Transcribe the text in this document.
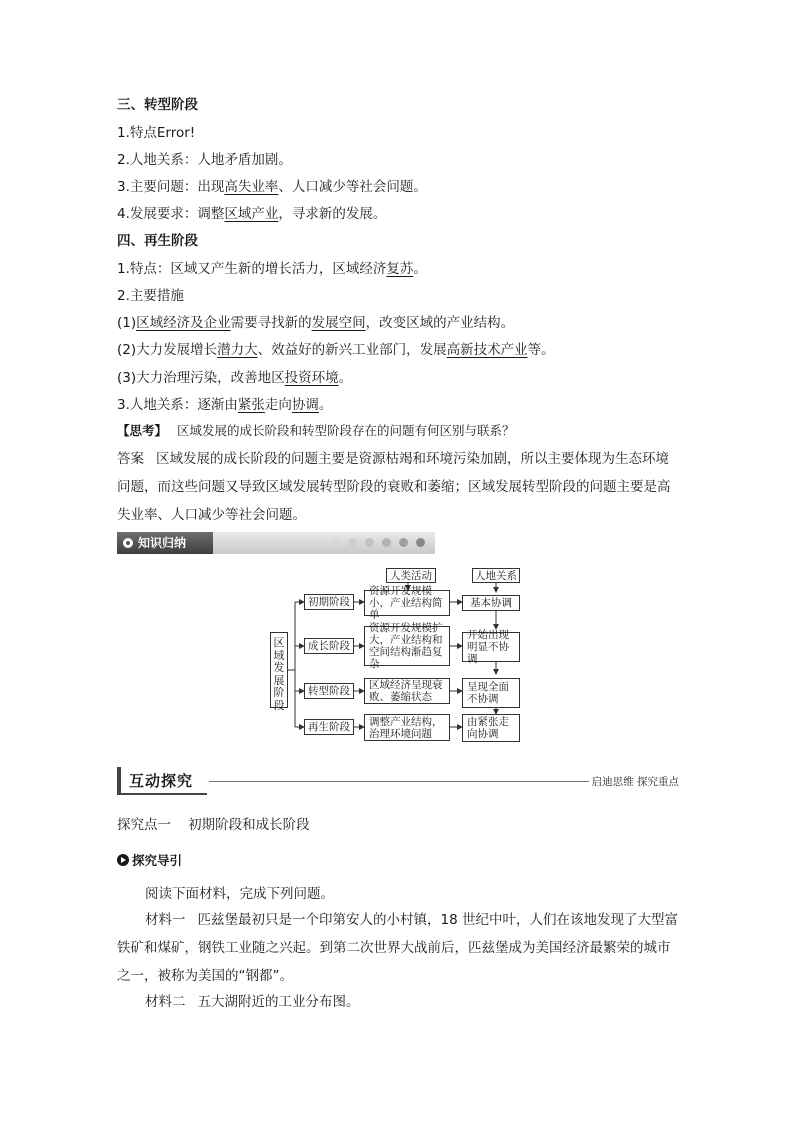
三、转型阶段
1.特点Error!
2.人地关系：人地矛盾加剧。
3.主要问题：出现高失业率、人口减少等社会问题。
4.发展要求：调整区域产业，寻求新的发展。
四、再生阶段
1.特点：区域又产生新的增长活力，区域经济复苏。
2.主要措施
(1)区域经济及企业需要寻找新的发展空间，改变区域的产业结构。
(2)大力发展增长潜力大、效益好的新兴工业部门，发展高新技术产业等。
(3)大力治理污染，改善地区投资环境。
3.人地关系：逐渐由紧张走向协调。
【思考】 区域发展的成长阶段和转型阶段存在的问题有何区别与联系？
答案 区域发展的成长阶段的问题主要是资源枯竭和环境污染加剧，所以主要体现为生态环境问题，而这些问题又导致区域发展转型阶段的衰败和萎缩；区域发展转型阶段的问题主要是高失业率、人口减少等社会问题。
知识归纳
区域发展阶段
人类活动	人地关系
初期阶段
成长阶段
转型阶段
再生阶段
资源开发规模小，产业结构简单
资源开发规模扩大，产业结构和空间结构渐趋复杂
区域经济呈现衰败、萎缩状态
调整产业结构，治理环境问题
基本协调
开始出现明显不协调
呈现全面不协调
由紧张走向协调
互动探究	启迪思维 探究重点
探究点一    初期阶段和成长阶段
探究导引
阅读下面材料，完成下列问题。
材料一 匹兹堡最初只是一个印第安人的小村镇，18 世纪中叶，人们在该地发现了大型富铁矿和煤矿，钢铁工业随之兴起。到第二次世界大战前后，匹兹堡成为美国经济最繁荣的城市之一，被称为美国的“钢都”。
材料二 五大湖附近的工业分布图。
